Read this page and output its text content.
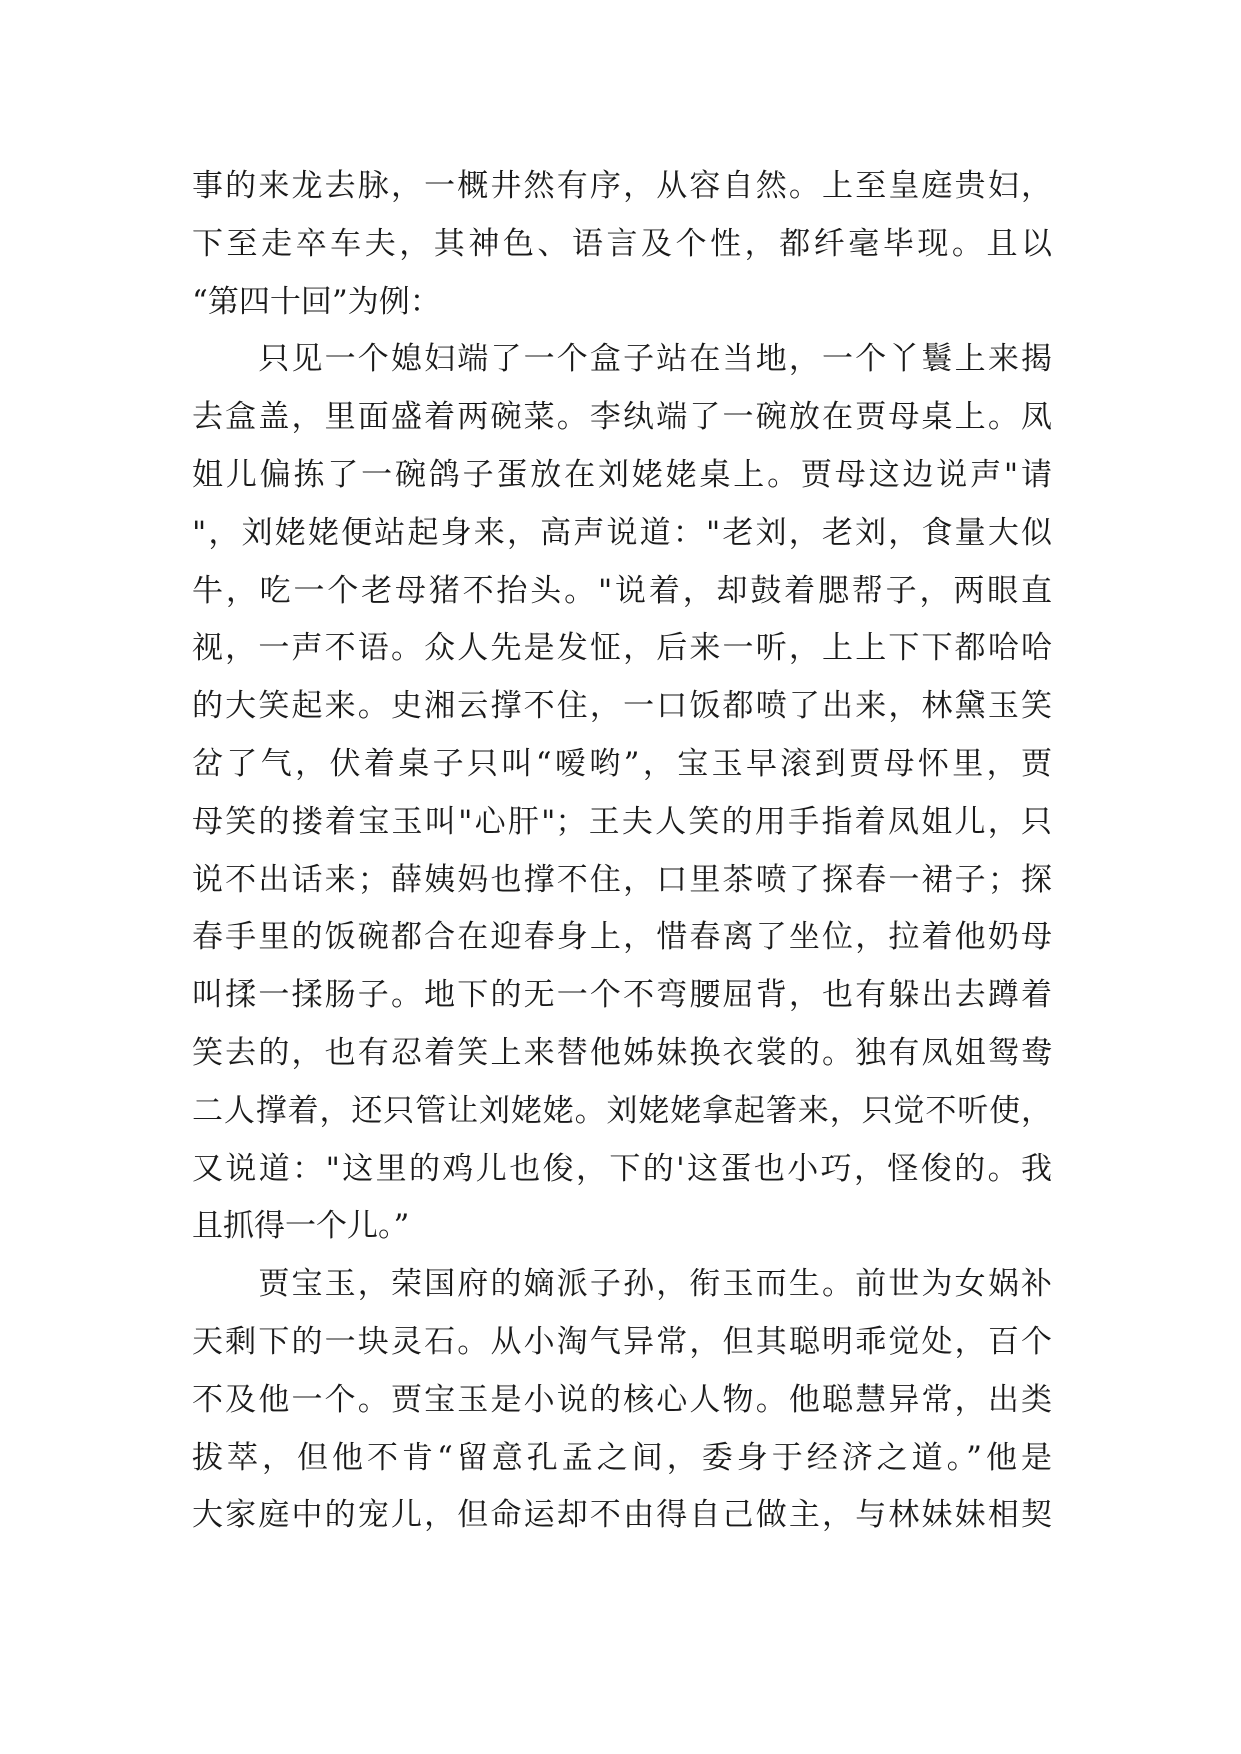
事的来龙去脉，一概井然有序，从容自然。上至皇庭贵妇，
下至走卒车夫，其神色、语言及个性，都纤毫毕现。且以
“第四十回”为例：
　　只见一个媳妇端了一个盒子站在当地，一个丫鬟上来揭
去盒盖，里面盛着两碗菜。李纨端了一碗放在贾母桌上。凤
姐儿偏拣了一碗鸽子蛋放在刘姥姥桌上。贾母这边说声"请
"，刘姥姥便站起身来，高声说道："老刘，老刘，食量大似
牛，吃一个老母猪不抬头。"说着，却鼓着腮帮子，两眼直
视，一声不语。众人先是发怔，后来一听，上上下下都哈哈
的大笑起来。史湘云撑不住，一口饭都喷了出来，林黛玉笑
岔了气，伏着桌子只叫“嗳哟”，宝玉早滚到贾母怀里，贾
母笑的搂着宝玉叫"心肝"；王夫人笑的用手指着凤姐儿，只
说不出话来；薛姨妈也撑不住，口里茶喷了探春一裙子；探
春手里的饭碗都合在迎春身上，惜春离了坐位，拉着他奶母
叫揉一揉肠子。地下的无一个不弯腰屈背，也有躲出去蹲着
笑去的，也有忍着笑上来替他姊妹换衣裳的。独有凤姐鸳鸯
二人撑着，还只管让刘姥姥。刘姥姥拿起箸来，只觉不听使，
又说道："这里的鸡儿也俊，下的'这蛋也小巧，怪俊的。我
且抓得一个儿。”
　　贾宝玉，荣国府的嫡派子孙，衔玉而生。前世为女娲补
天剩下的一块灵石。从小淘气异常，但其聪明乖觉处，百个
不及他一个。贾宝玉是小说的核心人物。他聪慧异常，出类
拔萃，但他不肯“留意孔孟之间，委身于经济之道。”他是
大家庭中的宠儿，但命运却不由得自己做主，与林妹妹相契
